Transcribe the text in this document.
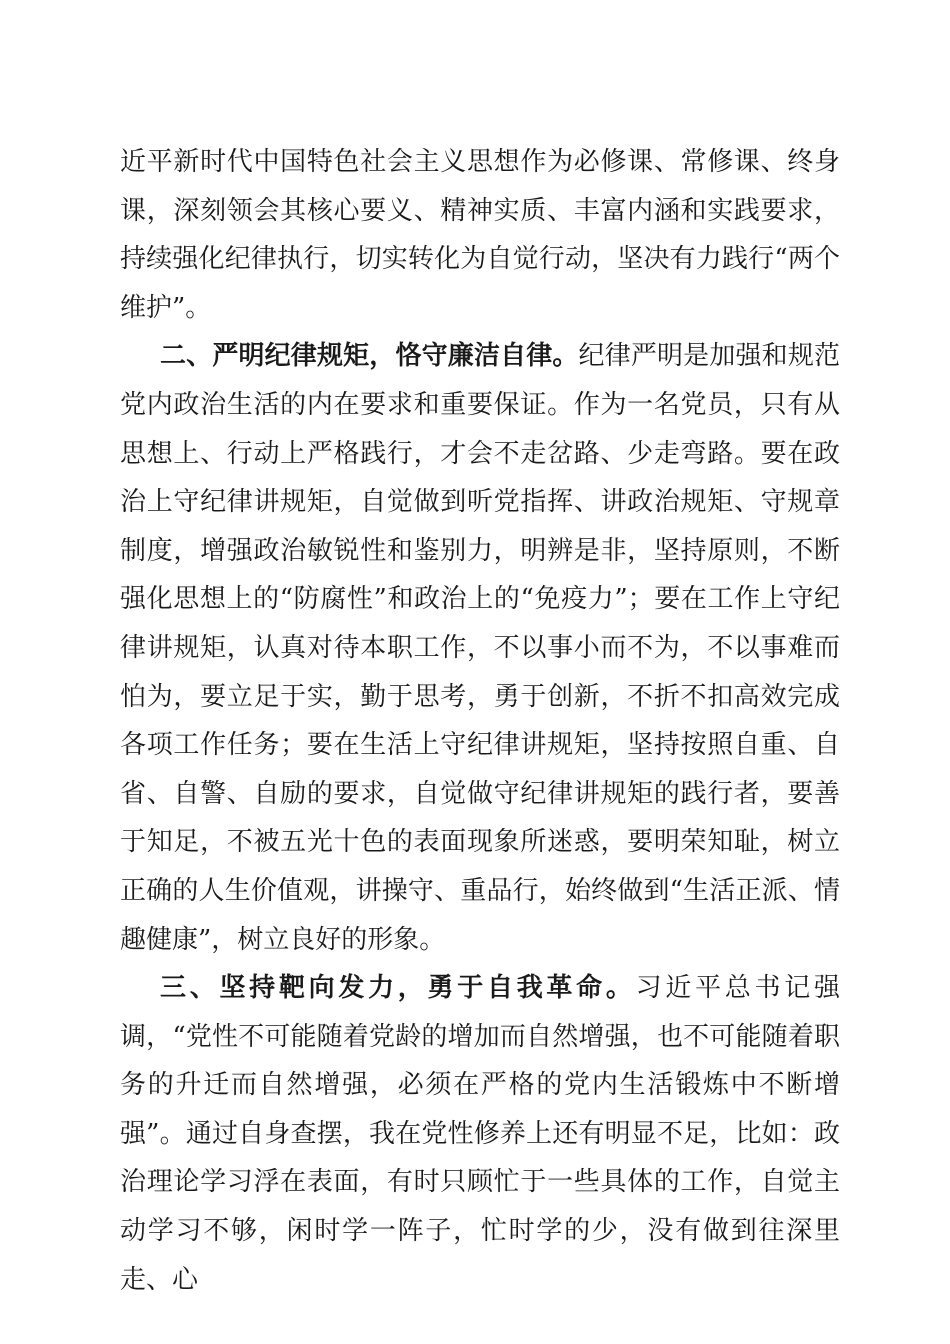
近平新时代中国特色社会主义思想作为必修课、常修课、终身课，深刻领会其核心要义、精神实质、丰富内涵和实践要求，持续强化纪律执行，切实转化为自觉行动，坚决有力践行“两个维护”。

二、严明纪律规矩，恪守廉洁自律。纪律严明是加强和规范党内政治生活的内在要求和重要保证。作为一名党员，只有从思想上、行动上严格践行，才会不走岔路、少走弯路。要在政治上守纪律讲规矩，自觉做到听党指挥、讲政治规矩、守规章制度，增强政治敏锐性和鉴别力，明辨是非，坚持原则，不断强化思想上的“防腐性”和政治上的“免疫力”；要在工作上守纪律讲规矩，认真对待本职工作，不以事小而不为，不以事难而怕为，要立足于实，勤于思考，勇于创新，不折不扣高效完成各项工作任务；要在生活上守纪律讲规矩，坚持按照自重、自省、自警、自励的要求，自觉做守纪律讲规矩的践行者，要善于知足，不被五光十色的表面现象所迷惑，要明荣知耻，树立正确的人生价值观，讲操守、重品行，始终做到“生活正派、情趣健康”，树立良好的形象。

三、坚持靶向发力，勇于自我革命。习近平总书记强调，“党性不可能随着党龄的增加而自然增强，也不可能随着职务的升迁而自然增强，必须在严格的党内生活锻炼中不断增强”。通过自身查摆，我在党性修养上还有明显不足，比如：政治理论学习浮在表面，有时只顾忙于一些具体的工作，自觉主动学习不够，闲时学一阵子，忙时学的少，没有做到往深里走、心
